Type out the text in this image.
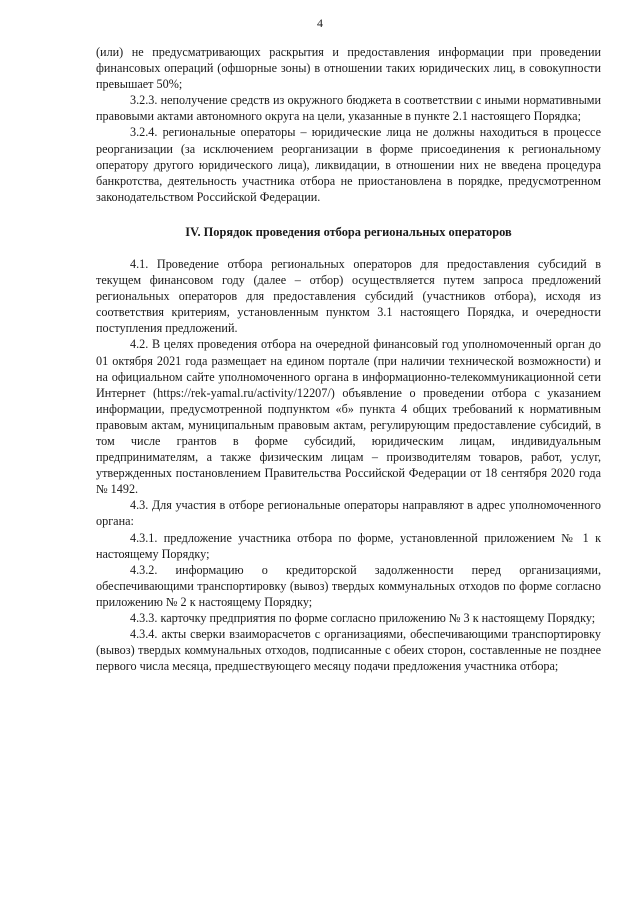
4

(или) не предусматривающих раскрытия и предоставления информации при проведении финансовых операций (офшорные зоны) в отношении таких юридических лиц, в совокупности превышает 50%;

3.2.3. неполучение средств из окружного бюджета в соответствии с иными нормативными правовыми актами автономного округа на цели, указанные в пункте 2.1 настоящего Порядка;

3.2.4. региональные операторы – юридические лица не должны находиться в процессе реорганизации (за исключением реорганизации в форме присоединения к региональному оператору другого юридического лица), ликвидации, в отношении них не введена процедура банкротства, деятельность участника отбора не приостановлена в порядке, предусмотренном законодательством Российской Федерации.

IV. Порядок проведения отбора региональных операторов

4.1. Проведение отбора региональных операторов для предоставления субсидий в текущем финансовом году (далее – отбор) осуществляется путем запроса предложений региональных операторов для предоставления субсидий (участников отбора), исходя из соответствия критериям, установленным пунктом 3.1 настоящего Порядка, и очередности поступления предложений.

4.2. В целях проведения отбора на очередной финансовый год уполномоченный орган до 01 октября 2021 года размещает на едином портале (при наличии технической возможности) и на официальном сайте уполномоченного органа в информационно-телекоммуникационной сети Интернет (https://rek-yamal.ru/activity/12207/) объявление о проведении отбора с указанием информации, предусмотренной подпунктом «б» пункта 4 общих требований к нормативным правовым актам, муниципальным правовым актам, регулирующим предоставление субсидий, в том числе грантов в форме субсидий, юридическим лицам, индивидуальным предпринимателям, а также физическим лицам – производителям товаров, работ, услуг, утвержденных постановлением Правительства Российской Федерации от 18 сентября 2020 года № 1492.

4.3. Для участия в отборе региональные операторы направляют в адрес уполномоченного органа:

4.3.1. предложение участника отбора по форме, установленной приложением № 1 к настоящему Порядку;

4.3.2. информацию о кредиторской задолженности перед организациями, обеспечивающими транспортировку (вывоз) твердых коммунальных отходов по форме согласно приложению № 2 к настоящему Порядку;

4.3.3. карточку предприятия по форме согласно приложению № 3 к настоящему Порядку;

4.3.4. акты сверки взаиморасчетов с организациями, обеспечивающими транспортировку (вывоз) твердых коммунальных отходов, подписанные с обеих сторон, составленные не позднее первого числа месяца, предшествующего месяцу подачи предложения участника отбора;
